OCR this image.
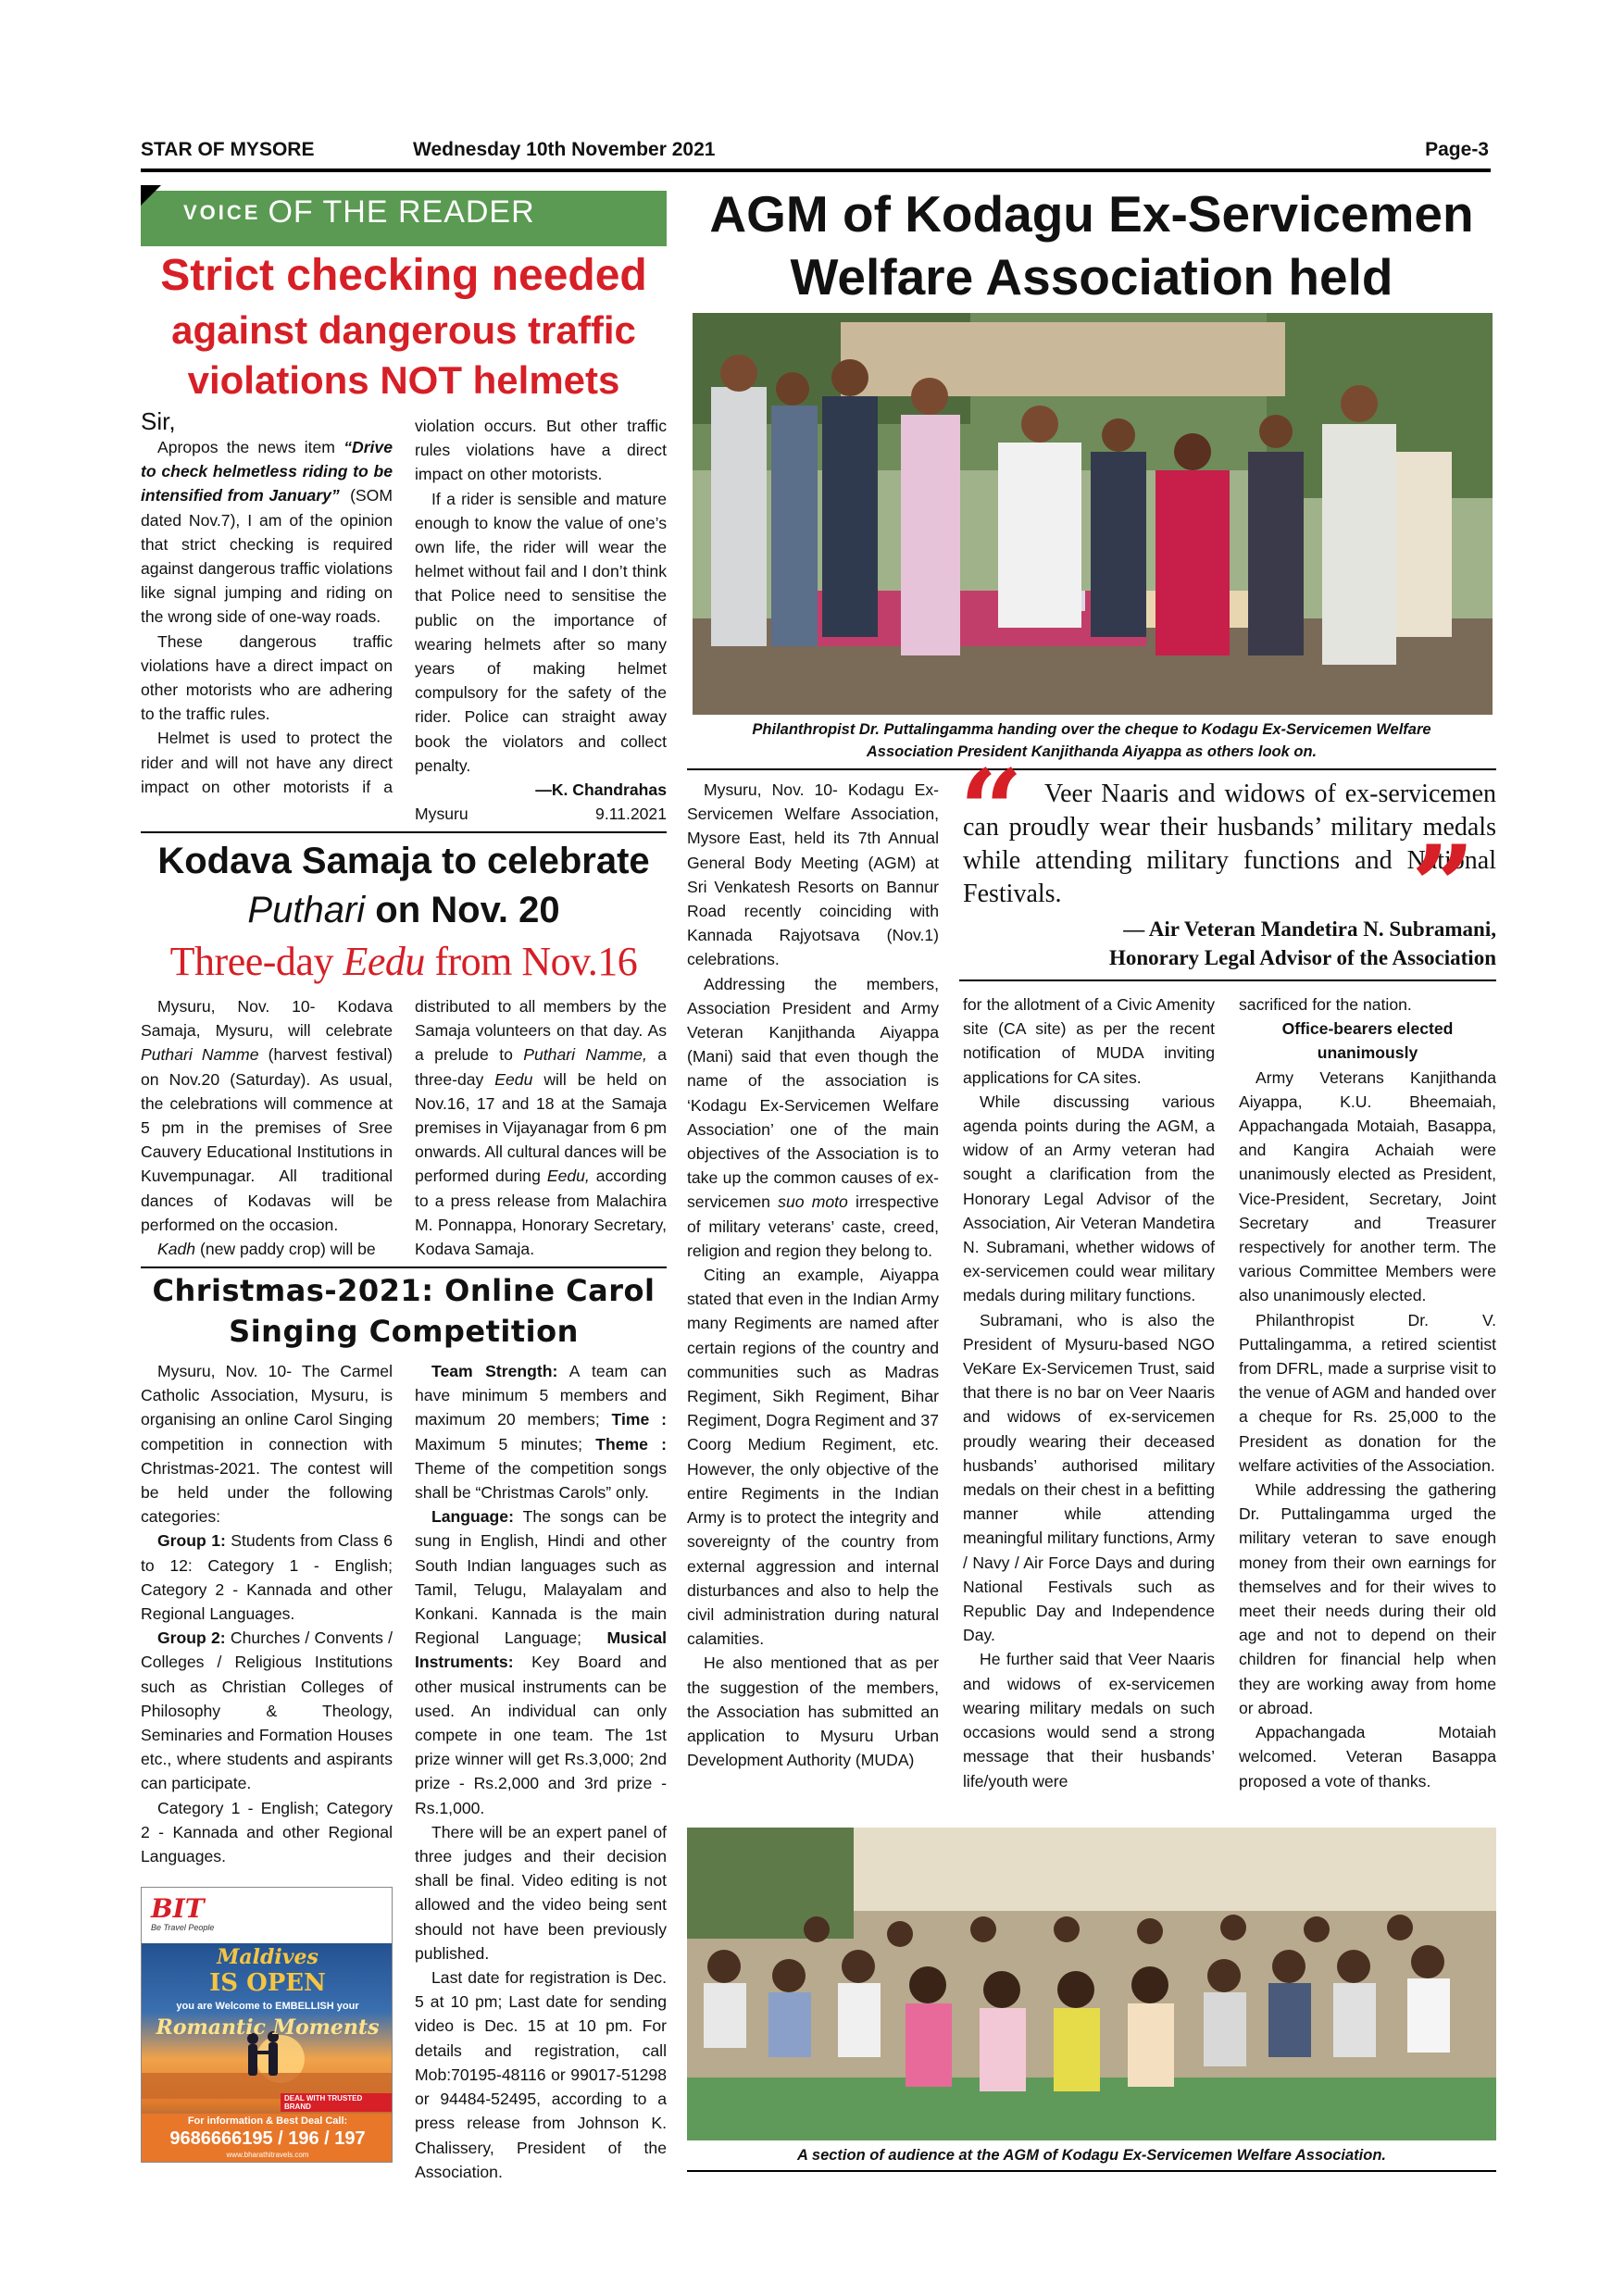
STAR OF MYSORE	Wednesday 10th November 2021	Page-3
VOICE OF THE READER
Strict checking needed
against dangerous traffic
violations NOT helmets

Sir,

Apropos the news item “Drive to check helmetless riding to be intensified from January”  (SOM dated Nov.7), I am of the opinion that strict checking is required against dangerous traffic violations like signal jumping and riding on the wrong side of one-way roads.

These dangerous traffic violations have a direct impact on other motorists who are adhering to the traffic rules.

Helmet is used to protect the rider and will not have any direct impact on other motorists if a

violation occurs. But other traffic rules violations have a direct impact on other motorists.

If a rider is sensible and mature enough to know the value of one’s own life, the rider will wear the helmet without fail and I don’t think that Police need to sensitise the public on the importance of wearing helmets after so many years of making helmet compulsory for the safety of the rider. Police can straight away book the violators and collect penalty.

—K. Chandrahas

Mysuru	9.11.2021

Kodava Samaja to celebrate
Puthari on Nov. 20
Three-day Eedu from Nov.16

Mysuru, Nov. 10- Kodava Samaja, Mysuru, will celebrate Puthari Namme (harvest festival) on Nov.20 (Saturday). As usual, the celebrations will commence at 5 pm in the premises of Sree Cauvery Educational Institutions in Kuvempunagar. All traditional dances of Kodavas will be performed on the occasion.

Kadh (new paddy crop) will be

distributed to all members by the Samaja volunteers on that day. As a prelude to Puthari Namme, a three-day Eedu will be held on Nov.16, 17 and 18 at the Samaja premises in Vijayanagar from 6 pm onwards. All cultural dances will be performed during Eedu, according to a press release from Malachira M. Ponnappa, Honorary Secretary, Kodava Samaja.

Christmas-2021: Online Carol
Singing Competition

Mysuru, Nov. 10- The Carmel Catholic Association, Mysuru, is organising an online Carol Singing competition in connection with Christmas-2021. The contest will be held under the following categories:

Group 1: Students from Class 6 to 12: Category 1 - English; Category 2 - Kannada and other Regional Languages.

Group 2: Churches / Convents / Colleges / Religious Institutions such as Christian Colleges of Philosophy & Theology, Seminaries and Formation Houses etc., where students and aspirants can participate.

Category 1 - English; Category 2 - Kannada and other Regional Languages.

Team Strength: A team can have minimum 5 members and maximum 20 members; Time : Maximum 5 minutes; Theme : Theme of the competition songs shall be “Christmas Carols” only.

Language: The songs can be sung in English, Hindi and other South Indian languages such as Tamil, Telugu, Malayalam and Konkani. Kannada is the main Regional Language; Musical Instruments: Key Board and other musical instruments can be used. An individual can only compete in one team. The 1st prize winner will get Rs.3,000; 2nd prize - Rs.2,000 and 3rd prize - Rs.1,000.

There will be an expert panel of three judges and their decision shall be final. Video editing is not allowed and the video being sent should not have been previously published.

Last date for registration is Dec. 5 at 10 pm; Last date for sending video is Dec. 15 at 10 pm. For details and registration, call Mob:70195-48116 or 99017-51298 or 94484-52495, according to a press release from Johnson K. Chalissery, President of the Association.

BIT
Be Travel People
Maldives
IS OPEN
you are Welcome to EMBELLISH your
Romantic Moments
DEAL WITH TRUSTED BRAND
For information & Best Deal Call:
9686666195 / 196 / 197
www.bharathitravels.com
AGM of Kodagu Ex-Servicemen
Welfare Association held
Philanthropist Dr. Puttalingamma handing over the cheque to Kodagu Ex-Servicemen Welfare
Association President Kanjithanda Aiyappa as others look on.

Mysuru, Nov. 10- Kodagu Ex-Servicemen Welfare Association, Mysore East, held its 7th Annual General Body Meeting (AGM) at Sri Venkatesh Resorts on Bannur Road recently coinciding with Kannada Rajyotsava (Nov.1) celebrations.

Addressing the members, Association President and Army Veteran Kanjithanda Aiyappa (Mani) said that even though the name of the association is ‘Kodagu Ex-Servicemen Welfare Association’ one of the main objectives of the Association is to take up the common causes of ex-servicemen suo moto irrespective of military veterans’ caste, creed, religion and region they belong to.

Citing an example, Aiyappa stated that even in the Indian Army many Regiments are named after certain regions of the country and communities such as Madras Regiment, Sikh Regiment, Bihar Regiment, Dogra Regiment and 37 Coorg Medium Regiment, etc. However, the only objective of the entire Regiments in the Indian Army is to protect the integrity and sovereignty of the country from external aggression and internal disturbances and also to help the civil administration during natural calamities.

He also mentioned that as per the suggestion of the members, the Association has submitted an application to Mysuru Urban Development Authority (MUDA)

“ Veer Naaris and widows of ex-servicemen can proudly wear their husbands’ military medals while attending military functions and National Festivals.	”
— Air Veteran Mandetira N. Subramani,
Honorary Legal Advisor of the Association

for the allotment of a Civic Amenity site (CA site) as per the recent notification of MUDA inviting applications for CA sites.

While discussing various agenda points during the AGM, a widow of an Army veteran had sought a clarification from the Honorary Legal Advisor of the Association, Air Veteran Mandetira N. Subramani, whether widows of ex-servicemen could wear military medals during military functions.

Subramani, who is also the President of Mysuru-based NGO VeKare Ex-Servicemen Trust, said that there is no bar on Veer Naaris and widows of ex-servicemen proudly wearing their deceased husbands’ authorised military medals on their chest in a befitting manner while attending meaningful military functions, Army / Navy / Air Force Days and during National Festivals such as Republic Day and Independence Day.

He further said that Veer Naaris and widows of ex-servicemen wearing military medals on such occasions would send a strong message that their husbands’ life/youth were

sacrificed for the nation.

Office-bearers elected

unanimously

Army Veterans Kanjithanda Aiyappa, K.U. Bheemaiah, Appachangada Motaiah, Basappa, and Kangira Achaiah were unanimously elected as President, Vice-President, Secretary, Joint Secretary and Treasurer respectively for another term. The various Committee Members were also unanimously elected.

Philanthropist Dr. V. Puttalingamma, a retired scientist from DFRL, made a surprise visit to the venue of AGM and handed over a cheque for Rs. 25,000 to the President as donation for the welfare activities of the Association.

While addressing the gathering Dr. Puttalingamma urged the military veteran to save enough money from their own earnings for themselves and for their wives to meet their needs during their old age and not to depend on their children for financial help when they are working away from home or abroad.

Appachangada Motaiah welcomed. Veteran Basappa proposed a vote of thanks.

A section of audience at the AGM of Kodagu Ex-Servicemen Welfare Association.
